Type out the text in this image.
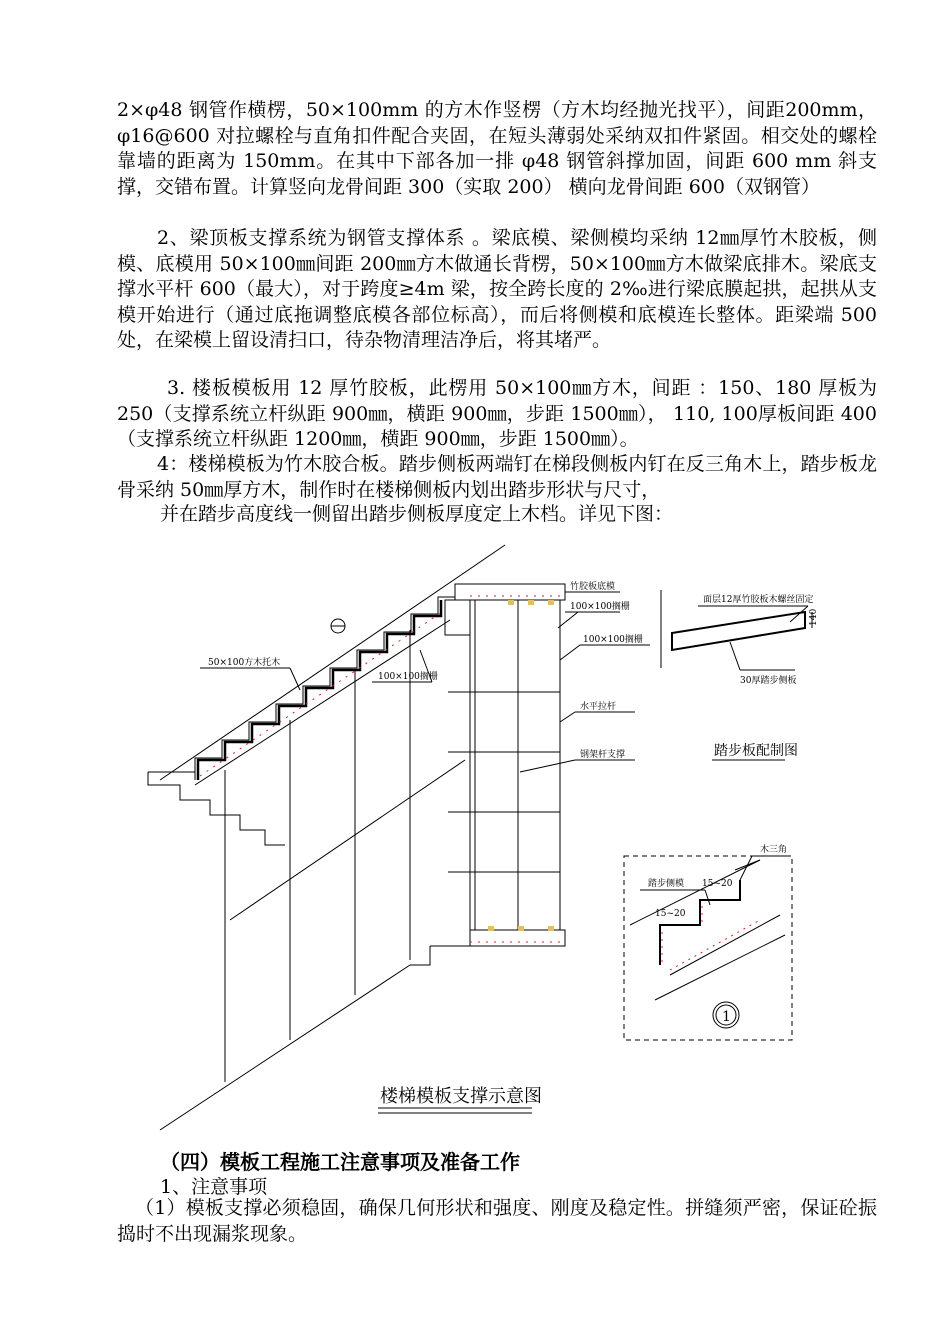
2×φ48 钢管作横楞，50×100mm 的方木作竖楞（方木均经抛光找平），间距200mm，φ16@600 对拉螺栓与直角扣件配合夹固，在短头薄弱处采纳双扣件紧固。相交处的螺栓靠墙的距离为 150mm。在其中下部各加一排 φ48 钢管斜撑加固，间距 600 mm 斜支撑，交错布置。计算竖向龙骨间距 300（实取 200） 横向龙骨间距 600（双钢管）
2、梁顶板支撑系统为钢管支撑体系 。梁底模、梁侧模均采纳 12㎜厚竹木胶板，侧模、底模用 50×100㎜间距 200㎜方木做通长背楞，50×100㎜方木做梁底排木。梁底支撑水平杆 600（最大），对于跨度≥4m 梁，按全跨长度的 2‰进行梁底膜起拱，起拱从支模开始进行（通过底拖调整底模各部位标高），而后将侧模和底模连长整体。距梁端 500 处，在梁模上留设清扫口，待杂物清理洁净后，将其堵严。
3. 楼板模板用 12 厚竹胶板，此楞用 50×100㎜方木，间距 ：150、180 厚板为 250（支撑系统立杆纵距 900㎜，横距 900㎜，步距 1500㎜）， 110, 100厚板间距 400（支撑系统立杆纵距 1200㎜，横距 900㎜，步距 1500㎜）。
4：楼梯模板为竹木胶合板。踏步侧板两端钉在梯段侧板内钉在反三角木上，踏步板龙骨采纳 50㎜厚方木，制作时在楼梯侧板内划出踏步形状与尺寸，
并在踏步高度线一侧留出踏步侧板厚度定上木档。详见下图：
50×100方木托木
100×100搁栅
竹胶板底模
100×100搁栅
100×100搁栅
水平拉杆
钢架杆支撑
楼梯模板支撑示意图
面层12厚竹胶板木螺丝固定
140
30厚踏步侧板
踏步板配制图
木三角
踏步侧模 15~20
15~20
1
（四）模板工程施工注意事项及准备工作
1、注意事项
（1）模板支撑必须稳固，确保几何形状和强度、刚度及稳定性。拼缝须严密，保证砼振捣时不出现漏浆现象。
